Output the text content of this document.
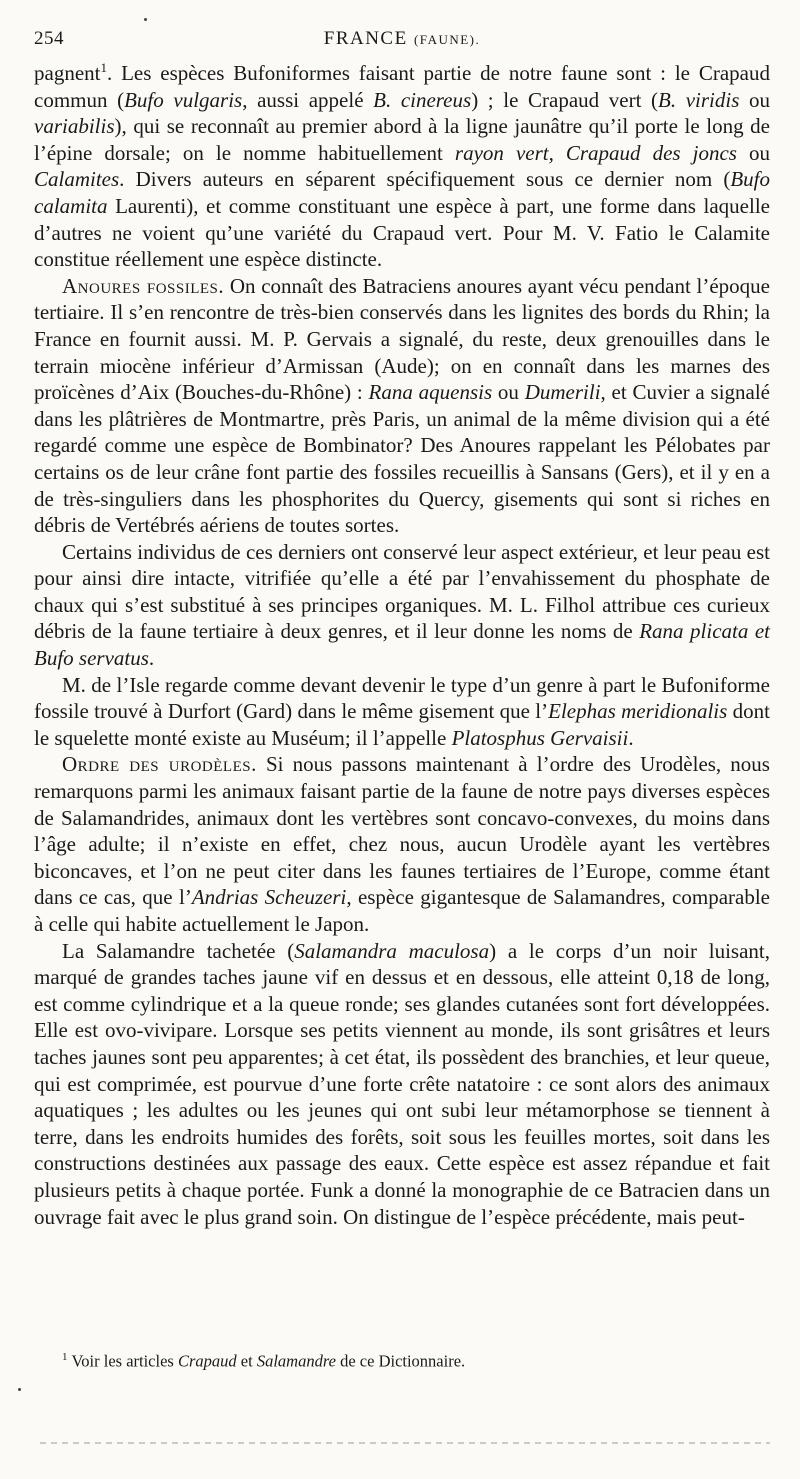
254	FRANCE (FAUNE).

pagnent$^1$. Les espèces Bufoniformes faisant partie de notre faune sont : le Crapaud commun (Bufo vulgaris, aussi appelé B. cinereus) ; le Crapaud vert (B. viridis ou variabilis), qui se reconnaît au premier abord à la ligne jaunâtre qu’il porte le long de l’épine dorsale; on le nomme habituellement rayon vert, Crapaud des joncs ou Calamites. Divers auteurs en séparent spécifiquement sous ce dernier nom (Bufo calamita Laurenti), et comme constituant une espèce à part, une forme dans laquelle d’autres ne voient qu’une variété du Crapaud vert. Pour M. V. Fatio le Calamite constitue réellement une espèce distincte.

Anoures fossiles. On connaît des Batraciens anoures ayant vécu pendant l’époque tertiaire. Il s’en rencontre de très-bien conservés dans les lignites des bords du Rhin; la France en fournit aussi. M. P. Gervais a signalé, du reste, deux grenouilles dans le terrain miocène inférieur d’Armissan (Aude); on en connaît dans les marnes des proïcènes d’Aix (Bouches-du-Rhône) : Rana aquensis ou Dumerili, et Cuvier a signalé dans les plâtrières de Montmartre, près Paris, un animal de la même division qui a été regardé comme une espèce de Bombinator? Des Anoures rappelant les Pélobates par certains os de leur crâne font partie des fossiles recueillis à Sansans (Gers), et il y en a de très-singuliers dans les phosphorites du Quercy, gisements qui sont si riches en débris de Vertébrés aériens de toutes sortes.

Certains individus de ces derniers ont conservé leur aspect extérieur, et leur peau est pour ainsi dire intacte, vitrifiée qu’elle a été par l’envahissement du phosphate de chaux qui s’est substitué à ses principes organiques. M. L. Filhol attribue ces curieux débris de la faune tertiaire à deux genres, et il leur donne les noms de Rana plicata et Bufo servatus.

M. de l’Isle regarde comme devant devenir le type d’un genre à part le Bufoniforme fossile trouvé à Durfort (Gard) dans le même gisement que l’Elephas meridionalis dont le squelette monté existe au Muséum; il l’appelle Platosphus Gervaisii.

Ordre des urodèles. Si nous passons maintenant à l’ordre des Urodèles, nous remarquons parmi les animaux faisant partie de la faune de notre pays diverses espèces de Salamandrides, animaux dont les vertèbres sont concavo-convexes, du moins dans l’âge adulte; il n’existe en effet, chez nous, aucun Urodèle ayant les vertèbres biconcaves, et l’on ne peut citer dans les faunes tertiaires de l’Europe, comme étant dans ce cas, que l’Andrias Scheuzeri, espèce gigantesque de Salamandres, comparable à celle qui habite actuellement le Japon.

La Salamandre tachetée (Salamandra maculosa) a le corps d’un noir luisant, marqué de grandes taches jaune vif en dessus et en dessous, elle atteint 0,18 de long, est comme cylindrique et a la queue ronde; ses glandes cutanées sont fort développées. Elle est ovo-vivipare. Lorsque ses petits viennent au monde, ils sont grisâtres et leurs taches jaunes sont peu apparentes; à cet état, ils possèdent des branchies, et leur queue, qui est comprimée, est pourvue d’une forte crête natatoire : ce sont alors des animaux aquatiques ; les adultes ou les jeunes qui ont subi leur métamorphose se tiennent à terre, dans les endroits humides des forêts, soit sous les feuilles mortes, soit dans les constructions destinées aux passage des eaux. Cette espèce est assez répandue et fait plusieurs petits à chaque portée. Funk a donné la monographie de ce Batracien dans un ouvrage fait avec le plus grand soin. On distingue de l’espèce précédente, mais peut-

$^1$ Voir les articles Crapaud et Salamandre de ce Dictionnaire.
